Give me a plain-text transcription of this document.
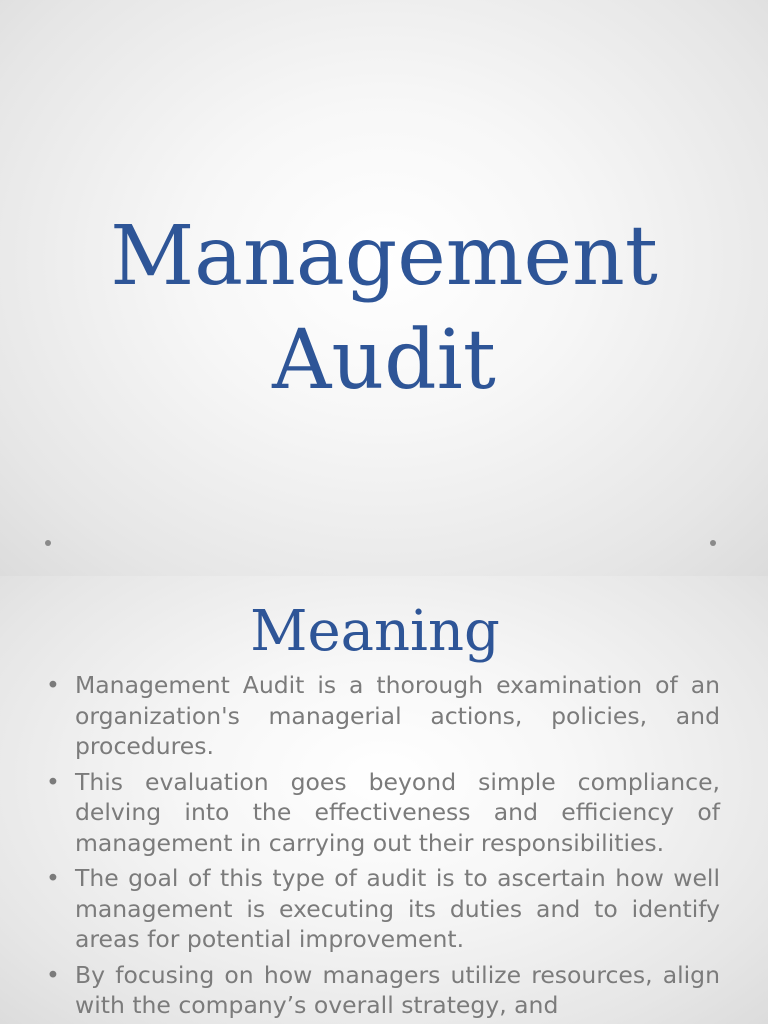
Management
Audit
Meaning
• Management Audit is a thorough examination of an organization's managerial actions, policies, and procedures.
• This evaluation goes beyond simple compliance, delving into the effectiveness and efficiency of management in carrying out their responsibilities.
• The goal of this type of audit is to ascertain how well management is executing its duties and to identify areas for potential improvement.
• By focusing on how managers utilize resources, align with the company’s overall strategy, and
